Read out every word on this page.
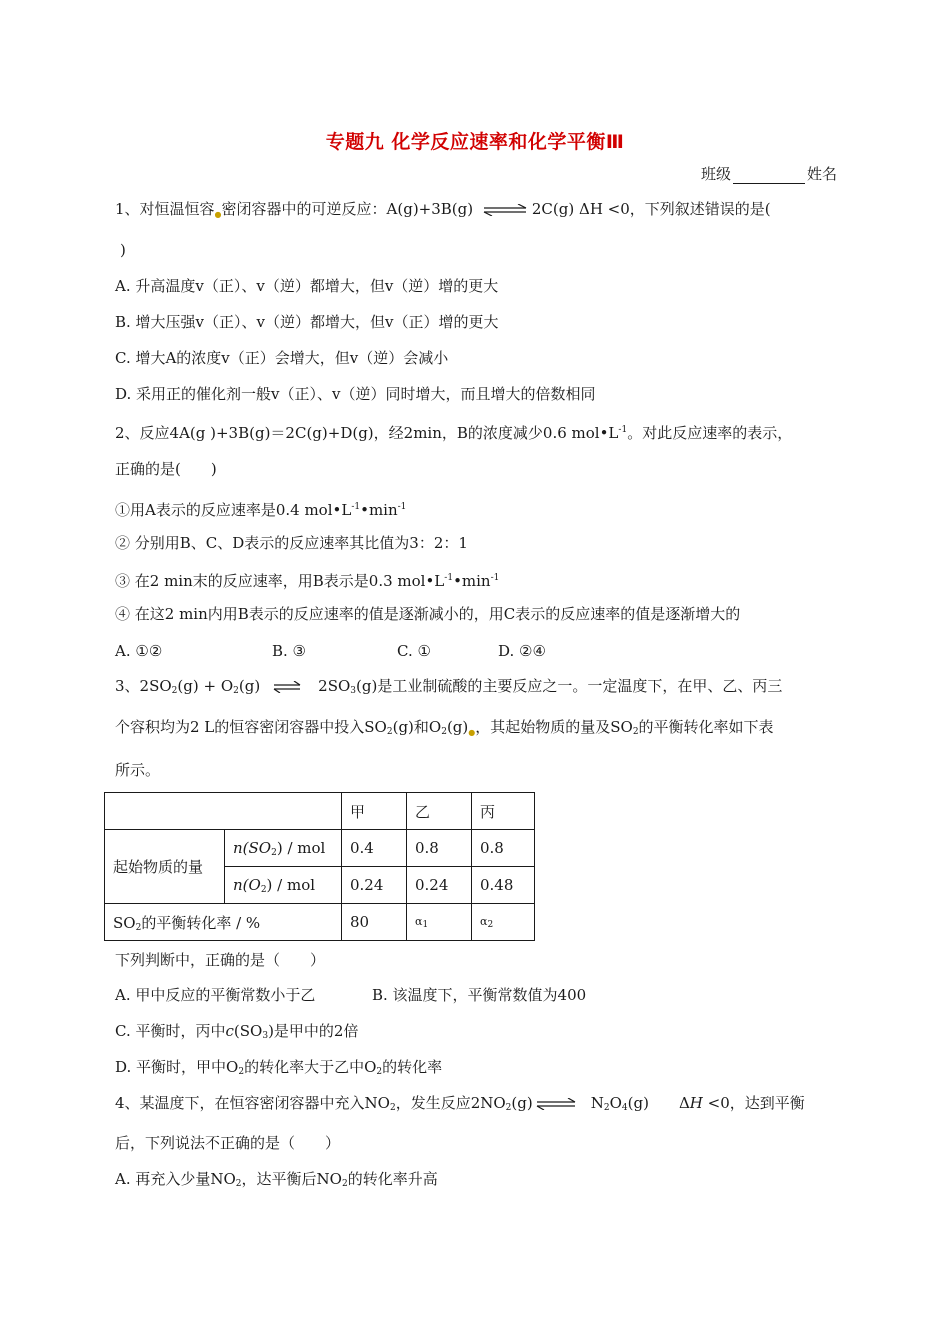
专题九 化学反应速率和化学平衡Ⅲ
班级	姓名
1、对恒温恒容$_●$密闭容器中的可逆反应：A(g)+3B(g) ⇌ 2C(g) ΔH <0，下列叙述错误的是(
)
A. 升高温度v（正）、v（逆）都增大，但v（逆）增的更大
B. 增大压强v（正）、v（逆）都增大，但v（正）增的更大
C. 增大A的浓度v（正）会增大，但v（逆）会减小
D. 采用正的催化剂一般v（正）、v（逆）同时增大，而且增大的倍数相同
2、反应4A(g )+3B(g)＝2C(g)+D(g)，经2min，B的浓度减少0.6 $mol•L^{-1}$。对此反应速率的表示，
正确的是(　　)
①用A表示的反应速率是0.4 $mol•L^{-1}•\min^{-1}$
② 分别用B、C、D表示的反应速率其比值为3：2：1
③ 在2 min末的反应速率，用B表示是0.3 $mol•L^{-1}•\min^{-1}$
④ 在这2 min内用B表示的反应速率的值是逐渐减小的，用C表示的反应速率的值是逐渐增大的
A. ①②	B. ③	C. ①	D. ②④
3、$2SO_2(g) + O_2(g)$ ⇌ $2SO_3(g)$是工业制硫酸的主要反应之一。一定温度下，在甲、乙、丙三
个容积均为2 L的恒容密闭容器中投入$SO_2(g)$和$O_2(g)_●$，其起始物质的量及$SO_2$的平衡转化率如下表
所示。
		甲	乙	丙
起始物质的量	$n(SO_2)$ / mol	0.4	0.8	0.8
	$n(O_2)$ / mol	0.24	0.24	0.48
$SO_2$的平衡转化率 / %		80	$\alpha_1$	$\alpha_2$
下列判断中，正确的是（　　）
A. 甲中反应的平衡常数小于乙	B. 该温度下，平衡常数值为400
C. 平衡时，丙中$c(SO_3)$是甲中的2倍
D. 平衡时，甲中$O_2$的转化率大于乙中$O_2$的转化率
4、某温度下，在恒容密闭容器中充入$NO_2$，发生反应$2NO_2(g)$ ⇌ $N_2O_4(g)$ ΔH <0，达到平衡
后，下列说法不正确的是（　　）
A. 再充入少量$NO_2$，达平衡后$NO_2$的转化率升高
